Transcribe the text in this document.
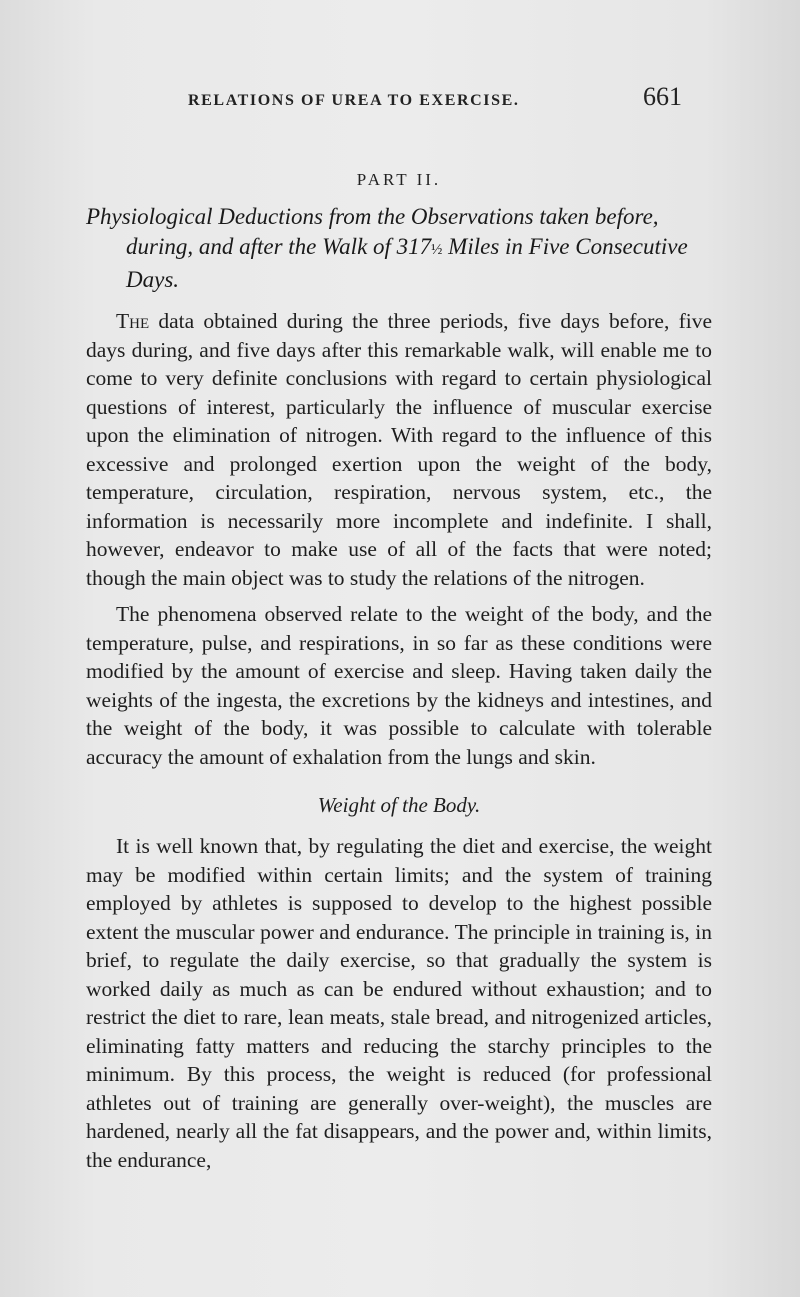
RELATIONS OF UREA TO EXERCISE.	661
PART II.

Physiological Deductions from the Observations taken before, during, and after the Walk of 317½ Miles in Five Consecutive Days.

The data obtained during the three periods, five days before, five days during, and five days after this remarkable walk, will enable me to come to very definite conclusions with regard to certain physiological questions of interest, particularly the influence of muscular exercise upon the elimination of nitrogen. With regard to the influence of this excessive and prolonged exertion upon the weight of the body, temperature, circulation, respiration, nervous system, etc., the information is necessarily more incomplete and indefinite. I shall, however, endeavor to make use of all of the facts that were noted; though the main object was to study the relations of the nitrogen.

The phenomena observed relate to the weight of the body, and the temperature, pulse, and respirations, in so far as these conditions were modified by the amount of exercise and sleep. Having taken daily the weights of the ingesta, the excretions by the kidneys and intestines, and the weight of the body, it was possible to calculate with tolerable accuracy the amount of exhalation from the lungs and skin.

Weight of the Body.

It is well known that, by regulating the diet and exercise, the weight may be modified within certain limits; and the system of training employed by athletes is supposed to develop to the highest possible extent the muscular power and endurance. The principle in training is, in brief, to regulate the daily exercise, so that gradually the system is worked daily as much as can be endured without exhaustion; and to restrict the diet to rare, lean meats, stale bread, and nitrogenized articles, eliminating fatty matters and reducing the starchy principles to the minimum. By this process, the weight is reduced (for professional athletes out of training are generally over-weight), the muscles are hardened, nearly all the fat disappears, and the power and, within limits, the endurance,
